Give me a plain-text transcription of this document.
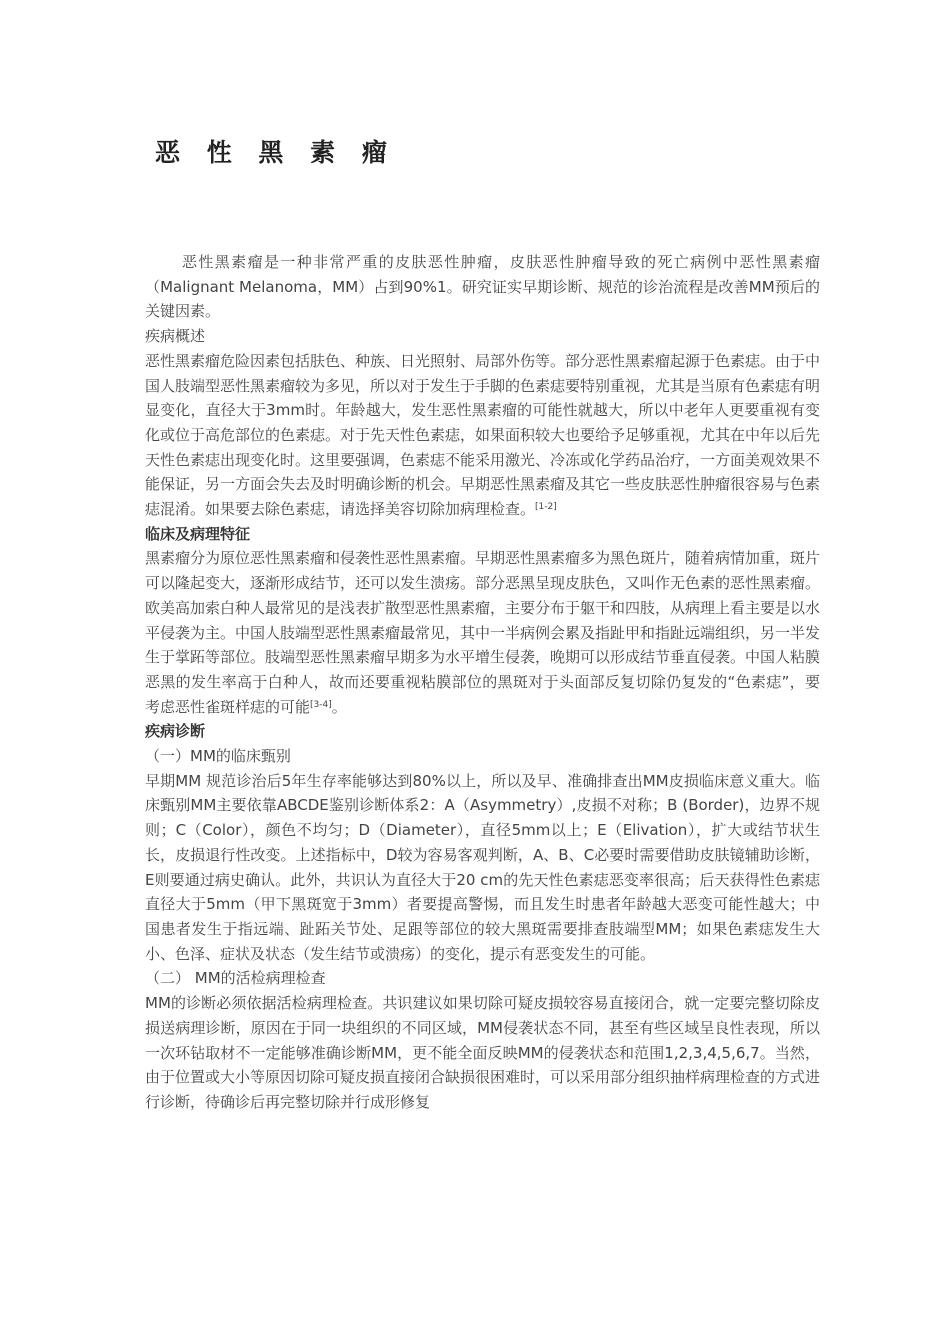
恶 性 黑 素 瘤

恶性黑素瘤是一种非常严重的皮肤恶性肿瘤，皮肤恶性肿瘤导致的死亡病例中恶性黑素瘤（Malignant Melanoma，MM）占到90%1。研究证实早期诊断、规范的诊治流程是改善MM预后的关键因素。

疾病概述

恶性黑素瘤危险因素包括肤色、种族、日光照射、局部外伤等。部分恶性黑素瘤起源于色素痣。由于中国人肢端型恶性黑素瘤较为多见，所以对于发生于手脚的色素痣要特别重视，尤其是当原有色素痣有明显变化，直径大于3mm时。年龄越大，发生恶性黑素瘤的可能性就越大，所以中老年人更要重视有变化或位于高危部位的色素痣。对于先天性色素痣，如果面积较大也要给予足够重视，尤其在中年以后先天性色素痣出现变化时。这里要强调，色素痣不能采用激光、冷冻或化学药品治疗，一方面美观效果不能保证，另一方面会失去及时明确诊断的机会。早期恶性黑素瘤及其它一些皮肤恶性肿瘤很容易与色素痣混淆。如果要去除色素痣，请选择美容切除加病理检查。[1-2]

临床及病理特征

黑素瘤分为原位恶性黑素瘤和侵袭性恶性黑素瘤。早期恶性黑素瘤多为黑色斑片，随着病情加重，斑片可以隆起变大，逐渐形成结节，还可以发生溃疡。部分恶黑呈现皮肤色，又叫作无色素的恶性黑素瘤。

欧美高加索白种人最常见的是浅表扩散型恶性黑素瘤，主要分布于躯干和四肢，从病理上看主要是以水平侵袭为主。中国人肢端型恶性黑素瘤最常见，其中一半病例会累及指趾甲和指趾远端组织，另一半发生于掌跖等部位。肢端型恶性黑素瘤早期多为水平增生侵袭，晚期可以形成结节垂直侵袭。中国人粘膜恶黑的发生率高于白种人，故而还要重视粘膜部位的黑斑对于头面部反复切除仍复发的“色素痣”，要考虑恶性雀斑样痣的可能[3-4]。

疾病诊断

（一）MM的临床甄别

早期MM 规范诊治后5年生存率能够达到80%以上，所以及早、准确排查出MM皮损临床意义重大。临床甄别MM主要依靠ABCDE鉴别诊断体系2：A（Asymmetry）,皮损不对称；B (Border)，边界不规则；C（Color），颜色不均匀；D（Diameter），直径5mm以上；E（Elivation），扩大或结节状生长，皮损退行性改变。上述指标中，D较为容易客观判断，A、B、C必要时需要借助皮肤镜辅助诊断，E则要通过病史确认。此外，共识认为直径大于20 cm的先天性色素痣恶变率很高；后天获得性色素痣直径大于5mm（甲下黑斑宽于3mm）者要提高警惕，而且发生时患者年龄越大恶变可能性越大；中国患者发生于指远端、趾跖关节处、足跟等部位的较大黑斑需要排查肢端型MM；如果色素痣发生大小、色泽、症状及状态（发生结节或溃疡）的变化，提示有恶变发生的可能。

（二） MM的活检病理检查

MM的诊断必须依据活检病理检查。共识建议如果切除可疑皮损较容易直接闭合，就一定要完整切除皮损送病理诊断，原因在于同一块组织的不同区域，MM侵袭状态不同，甚至有些区域呈良性表现，所以一次环钻取材不一定能够准确诊断MM，更不能全面反映MM的侵袭状态和范围1,2,3,4,5,6,7。当然，由于位置或大小等原因切除可疑皮损直接闭合缺损很困难时，可以采用部分组织抽样病理检查的方式进行诊断，待确诊后再完整切除并行成形修复
